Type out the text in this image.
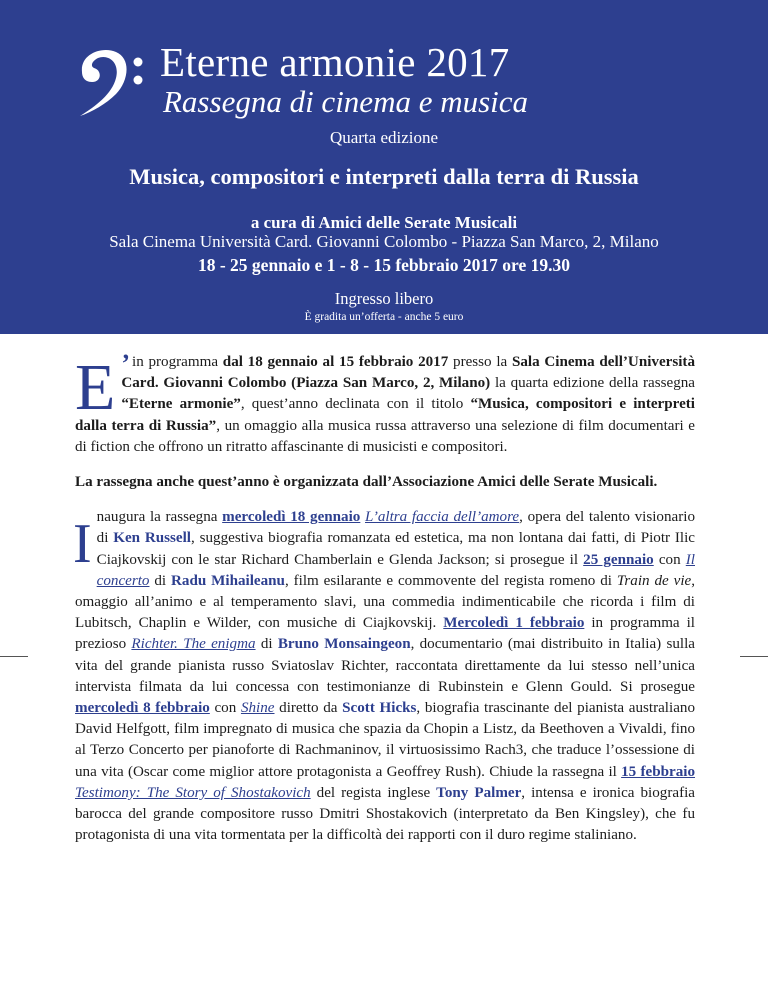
Eterne armonie 2017
Rassegna di cinema e musica
Quarta edizione
Musica, compositori e interpreti dalla terra di Russia
a cura di Amici delle Serate Musicali
Sala Cinema Università Card. Giovanni Colombo - Piazza San Marco, 2, Milano
18 - 25 gennaio e 1 - 8 - 15 febbraio 2017 ore 19.30
Ingresso libero
È gradita un’offerta - anche 5 euro

E ’ in programma dal 18 gennaio al 15 febbraio 2017 presso la Sala Cinema dell’Università Card. Giovanni Colombo (Piazza San Marco, 2, Milano) la quarta edizione della rassegna “Eterne armonie”, quest’anno declinata con il titolo “Musica, compositori e interpreti dalla terra di Russia”, un omaggio alla musica russa attraverso una selezione di film documentari e di fiction che offrono un ritratto affascinante di musicisti e compositori.

La rassegna anche quest’anno è organizzata dall’Associazione Amici delle Serate Musicali.

Inaugura la rassegna mercoledì 18 gennaio L’altra faccia dell’amore, opera del talento visionario di Ken Russell, suggestiva biografia romanzata ed estetica, ma non lontana dai fatti, di Piotr Ilic Ciajkovskij con le star Richard Chamberlain e Glenda Jackson; si prosegue il 25 gennaio con Il concerto di Radu Mihaileanu, film esilarante e commovente del regista romeno di Train de vie, omaggio all’animo e al temperamento slavi, una commedia indimenticabile che ricorda i film di Lubitsch, Chaplin e Wilder, con musiche di Ciajkovskij. Mercoledì 1 febbraio in programma il prezioso Richter. The enigma di Bruno Monsaingeon, documentario (mai distribuito in Italia) sulla vita del grande pianista russo Sviatoslav Richter, raccontata direttamente da lui stesso nell’unica intervista filmata da lui concessa con testimonianze di Rubinstein e Glenn Gould. Si prosegue mercoledì 8 febbraio con Shine diretto da Scott Hicks, biografia trascinante del pianista australiano David Helfgott, film impregnato di musica che spazia da Chopin a Listz, da Beethoven a Vivaldi, fino al Terzo Concerto per pianoforte di Rachmaninov, il virtuosissimo Rach3, che traduce l’ossessione di una vita (Oscar come miglior attore protagonista a Geoffrey Rush). Chiude la rassegna il 15 febbraio Testimony: The Story of Shostakovich del regista inglese Tony Palmer, intensa e ironica biografia barocca del grande compositore russo Dmitri Shostakovich (interpretato da Ben Kingsley), che fu protagonista di una vita tormentata per la difficoltà dei rapporti con il duro regime staliniano.
